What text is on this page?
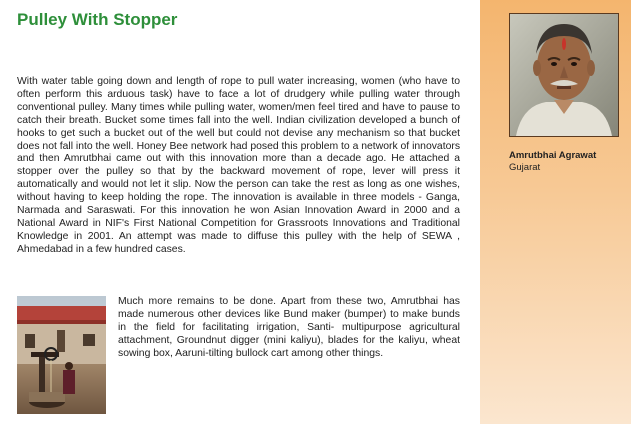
Pulley With Stopper

With water table going down and length of rope to pull water increasing, women (who have to often perform this arduous task) have to face a lot of drudgery while pulling water through conventional pulley. Many times while pulling water, women/men feel tired and have to pause to catch their breath. Bucket some times fall into the well. Indian civilization developed a bunch of hooks to get such a bucket out of the well but could not devise any mechanism so that bucket does not fall into the well. Honey Bee network had posed this problem to a network of innovators and then Amrutbhai came out with this innovation more than a decade ago. He attached a stopper over the pulley so that by the backward movement of rope, lever will press it automatically and would not let it slip. Now the person can take the rest as long as one wishes, without having to keep holding the rope. The innovation is available in three models - Ganga, Narmada and Saraswati. For this innovation he won Asian Innovation Award in 2000 and a National Award in NIF's First National Competition for Grassroots Innovations and Traditional Knowledge in 2001. An attempt was made to diffuse this pulley with the help of SEWA , Ahmedabad in a few hundred cases.

Much more remains to be done. Apart from these two, Amrutbhai has made numerous other devices like Bund maker (bumper) to make bunds in the field for facilitating irrigation, Santi- multipurpose agricultural attachment, Groundnut digger (mini kaliyu), blades for the kaliyu, wheat sowing box, Aaruni-tilting bullock cart among other things.

Amrutbhai Agrawat

Gujarat
